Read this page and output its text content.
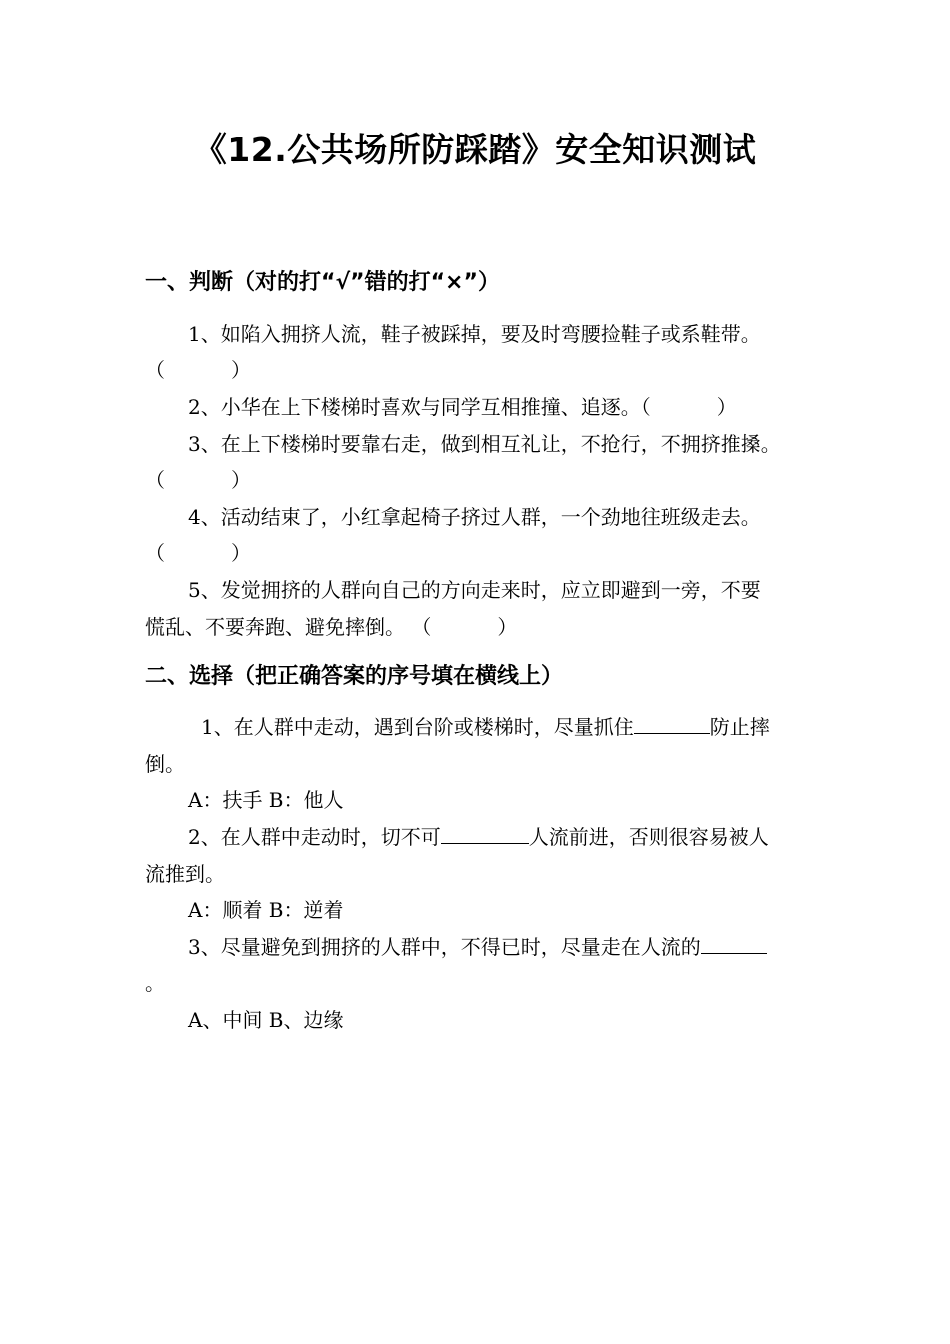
《12.公共场所防踩踏》安全知识测试
一、判断（对的打“√”错的打“×”）
1、如陷入拥挤人流，鞋子被踩掉，要及时弯腰捡鞋子或系鞋带。
（	）
2、小华在上下楼梯时喜欢与同学互相推撞、追逐。（	）
3、在上下楼梯时要靠右走，做到相互礼让，不抢行，不拥挤推搡。
（	）
4、活动结束了，小红拿起椅子挤过人群，一个劲地往班级走去。
（	）
5、发觉拥挤的人群向自己的方向走来时，应立即避到一旁，不要
慌乱、不要奔跑、避免摔倒。 （	）
二、选择（把正确答案的序号填在横线上）
1、在人群中走动，遇到台阶或楼梯时，尽量抓住	防止摔
倒。
A：扶手 B：他人
2、在人群中走动时，切不可	人流前进，否则很容易被人
流推到。
A：顺着 B：逆着
3、尽量避免到拥挤的人群中，不得已时，尽量走在人流的
。
A、中间 B、边缘
